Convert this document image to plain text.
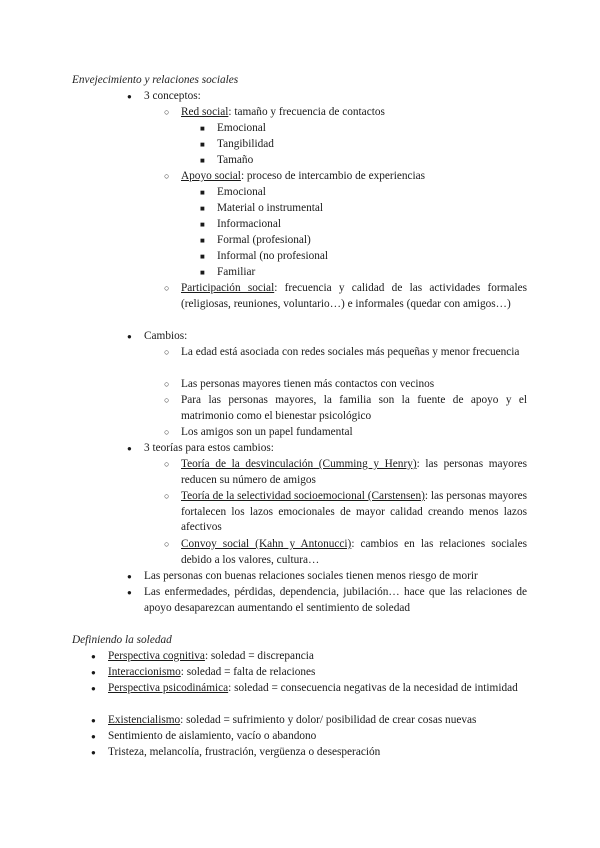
Envejecimiento y relaciones sociales
●	3 conceptos:
○	Red social: tamaño y frecuencia de contactos
■	Emocional
■	Tangibilidad
■	Tamaño
○	Apoyo social: proceso de intercambio de experiencias
■	Emocional
■	Material o instrumental
■	Informacional
■	Formal (profesional)
■	Informal (no profesional
■	Familiar
○	Participación social: frecuencia y calidad de las actividades formales (religiosas, reuniones, voluntario…) e informales (quedar con amigos…)
●	Cambios:
○	La edad está asociada con redes sociales más pequeñas y menor frecuencia
○	Las personas mayores tienen más contactos con vecinos
○	Para las personas mayores, la familia son la fuente de apoyo y el matrimonio como el bienestar psicológico
○	Los amigos son un papel fundamental
●	3 teorías para estos cambios:
○	Teoría de la desvinculación (Cumming y Henry): las personas mayores reducen su número de amigos
○	Teoría de la selectividad socioemocional (Carstensen): las personas mayores fortalecen los lazos emocionales de mayor calidad creando menos lazos afectivos
○	Convoy social (Kahn y Antonucci): cambios en las relaciones sociales debido a los valores, cultura…
●	Las personas con buenas relaciones sociales tienen menos riesgo de morir
●	Las enfermedades, pérdidas, dependencia, jubilación… hace que las relaciones de apoyo desaparezcan aumentando el sentimiento de soledad
Definiendo la soledad
●	Perspectiva cognitiva: soledad = discrepancia
●	Interaccionismo: soledad = falta de relaciones
●	Perspectiva psicodinámica: soledad = consecuencia negativas de la necesidad de intimidad
●	Existencialismo: soledad = sufrimiento y dolor/ posibilidad de crear cosas nuevas
●	Sentimiento de aislamiento, vacío o abandono
●	Tristeza, melancolía, frustración, vergüenza o desesperación
